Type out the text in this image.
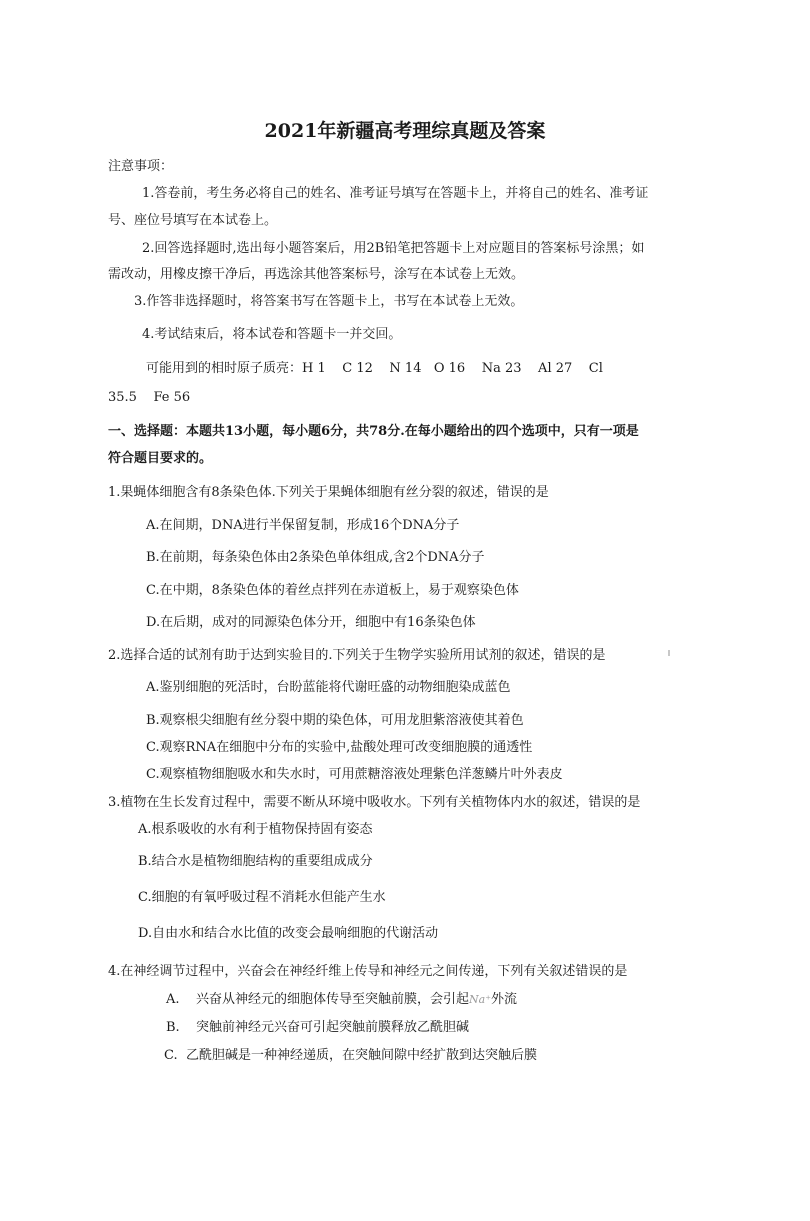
2021年新疆高考理综真题及答案
注意事项：
1.答卷前，考生务必将自己的姓名、准考证号填写在答题卡上，并将自己的姓名、准考证
号、座位号填写在本试卷上。
2.回答选择题时,选出每小题答案后，用2B铅笔把答题卡上对应题目的答案标号涂黑；如
需改动，用橡皮擦干净后，再选涂其他答案标号，涂写在本试卷上无效。
3.作答非选择题时，将答案书写在答题卡上，书写在本试卷上无效。
4.考试结束后，将本试卷和答题卡一并交回。
可能用到的相时原子质亮：H 1    C 12    N 14   O 16    Na 23    Al 27    Cl
35.5    Fe 56
一、选择题：本题共13小题，每小题6分，共78分.在每小题给出的四个选项中，只有一项是
符合题目要求的。
1.果蝇体细胞含有8条染色体.下列关于果蝇体细胞有丝分裂的叙述，错误的是
A.在间期，DNA进行半保留复制，形成16个DNA分子
B.在前期，每条染色体由2条染色单体组成,含2个DNA分子
C.在中期，8条染色体的着丝点拌列在赤道板上，易于观察染色体
D.在后期，成对的同源染色体分开，细胞中有16条染色体
2.选择合适的试剂有助于达到实验目的.下列关于生物学实验所用试剂的叙述，错误的是
A.鉴别细胞的死活时，台盼蓝能将代谢旺盛的动物细胞染成蓝色
B.观察根尖细胞有丝分裂中期的染色体，可用龙胆紫溶液使其着色
C.观察RNA在细胞中分布的实验中,盐酸处理可改变细胞膜的通透性
C.观察植物细胞吸水和失水时，可用蔗糖溶液处理紫色洋葱鳞片叶外表皮
3.植物在生长发育过程中，需要不断从环境中吸收水。下列有关植物体内水的叙述，错误的是
A.根系吸收的水有利于植物保持固有姿态
B.结合水是植物细胞结构的重要组成成分
C.细胞的有氧呼吸过程不消耗水但能产生水
D.自由水和结合水比值的改变会最响细胞的代谢活动
4.在神经调节过程中，兴奋会在神经纤维上传导和神经元之间传递，下列有关叙述错误的是
A. 兴奋从神经元的细胞体传导至突触前膜，会引起Na⁺外流
B. 突触前神经元兴奋可引起突触前膜释放乙酰胆碱
C. 乙酰胆碱是一种神经递质，在突触间隙中经扩散到达突触后膜
